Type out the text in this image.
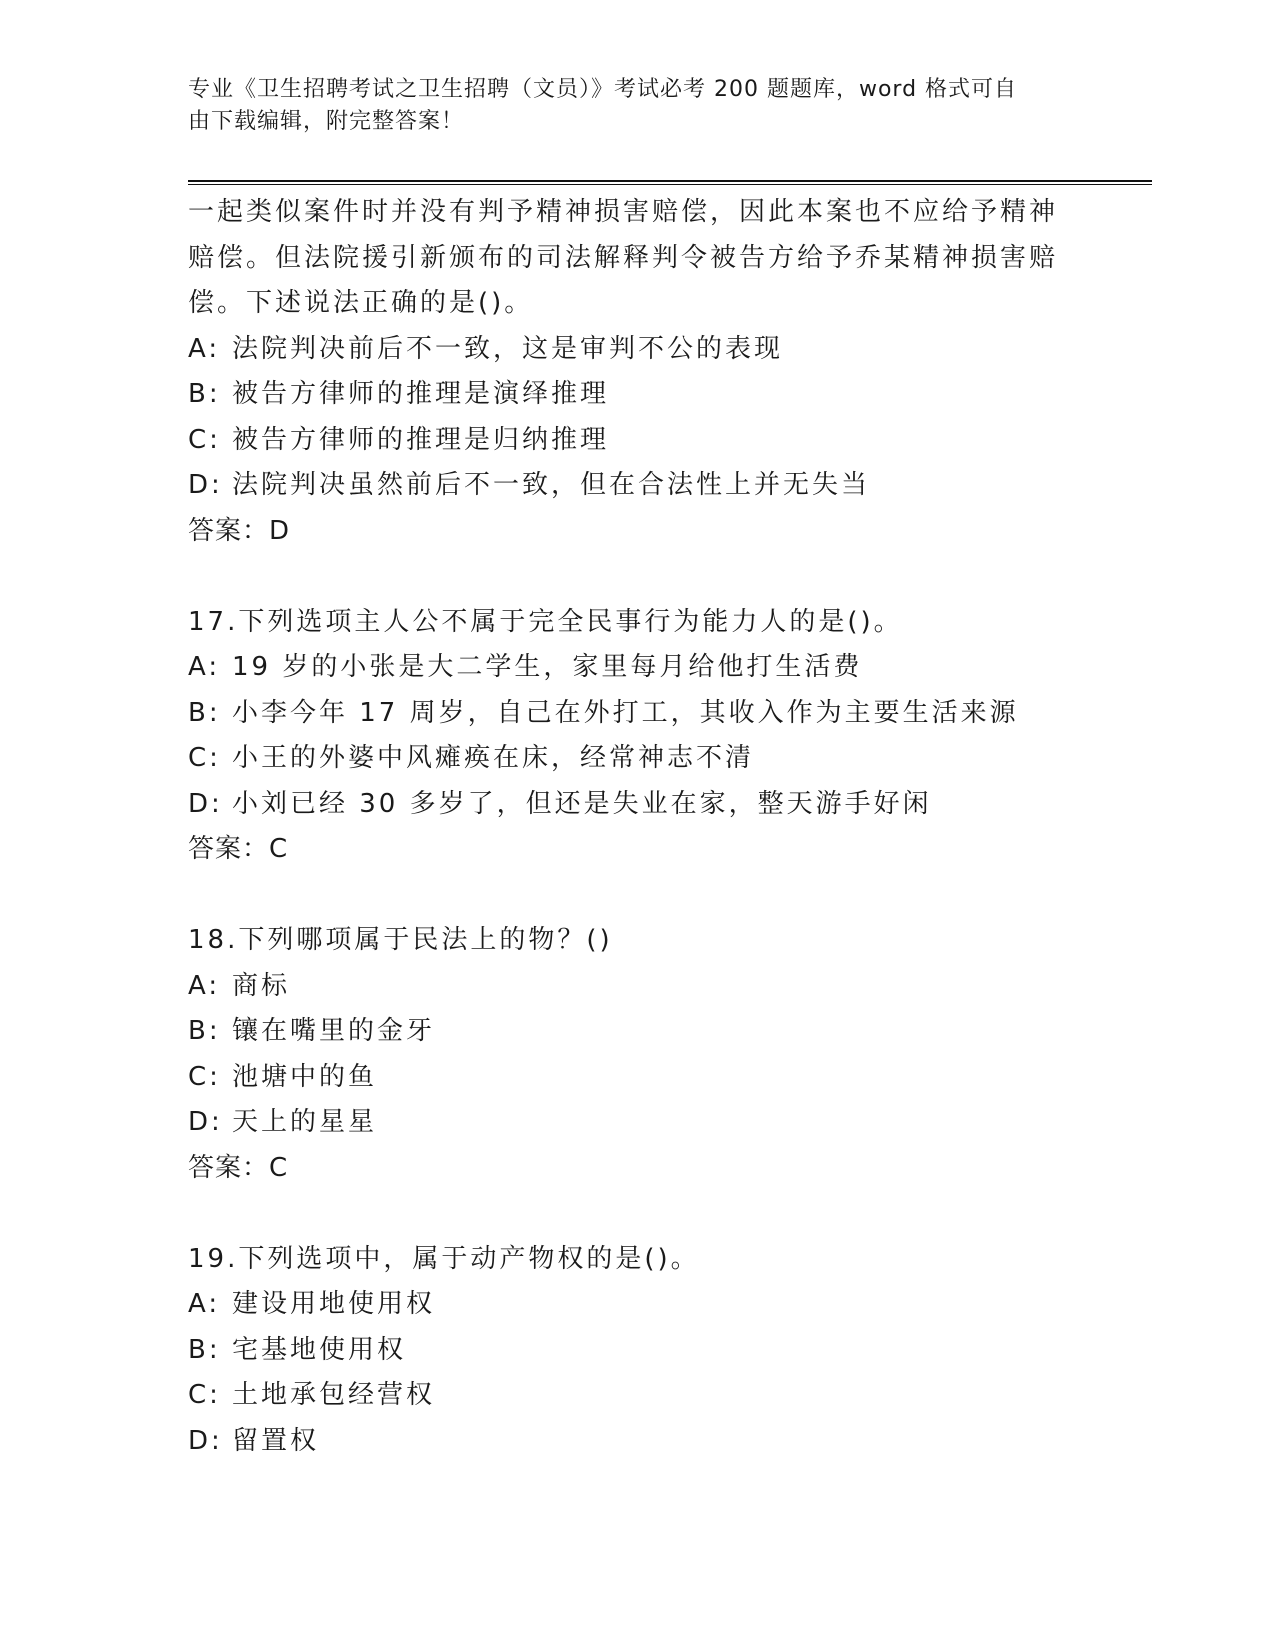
专业《卫生招聘考试之卫生招聘（文员）》考试必考 200 题题库，word 格式可自
由下载编辑，附完整答案！
一起类似案件时并没有判予精神损害赔偿，因此本案也不应给予精神
赔偿。但法院援引新颁布的司法解释判令被告方给予乔某精神损害赔
偿。下述说法正确的是()。
A: 法院判决前后不一致，这是审判不公的表现
B: 被告方律师的推理是演绎推理
C: 被告方律师的推理是归纳推理
D: 法院判决虽然前后不一致，但在合法性上并无失当
答案：D
17.下列选项主人公不属于完全民事行为能力人的是()。
A: 19 岁的小张是大二学生，家里每月给他打生活费
B: 小李今年 17 周岁，自己在外打工，其收入作为主要生活来源
C: 小王的外婆中风瘫痪在床，经常神志不清
D: 小刘已经 30 多岁了，但还是失业在家，整天游手好闲
答案：C
18.下列哪项属于民法上的物？()
A: 商标
B: 镶在嘴里的金牙
C: 池塘中的鱼
D: 天上的星星
答案：C
19.下列选项中，属于动产物权的是()。
A: 建设用地使用权
B: 宅基地使用权
C: 土地承包经营权
D: 留置权
